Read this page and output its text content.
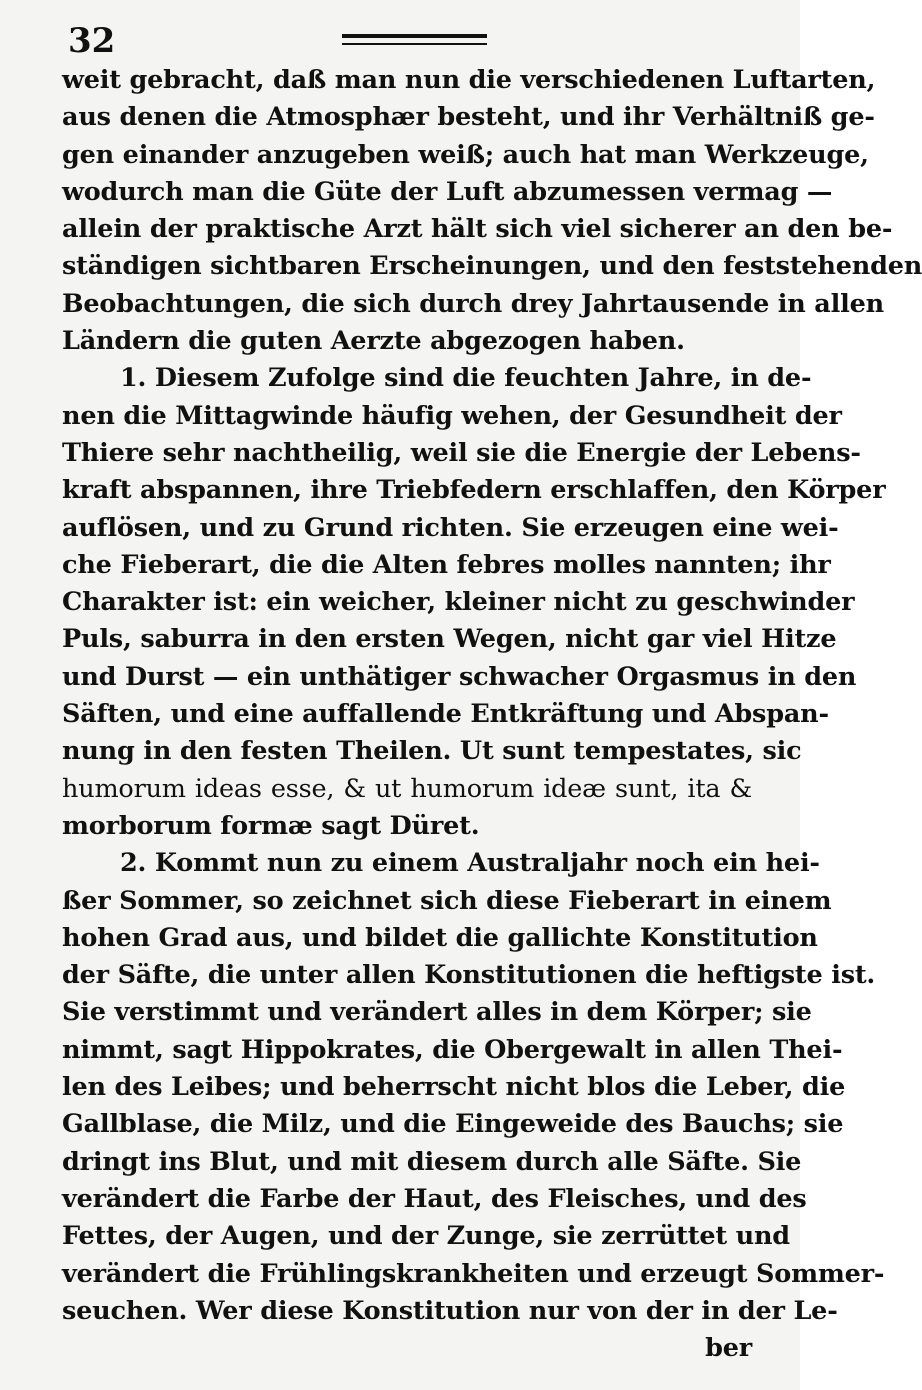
32
weit gebracht, daß man nun die verschiedenen Luftarten,
aus denen die Atmosphær besteht, und ihr Verhältniß ge-
gen einander anzugeben weiß; auch hat man Werkzeuge,
wodurch man die Güte der Luft abzumessen vermag —
allein der praktische Arzt hält sich viel sicherer an den be-
ständigen sichtbaren Erscheinungen, und den feststehenden
Beobachtungen, die sich durch drey Jahrtausende in allen
Ländern die guten Aerzte abgezogen haben.
1. Diesem Zufolge sind die feuchten Jahre, in de-
nen die Mittagwinde häufig wehen, der Gesundheit der
Thiere sehr nachtheilig, weil sie die Energie der Lebens-
kraft abspannen, ihre Triebfedern erschlaffen, den Körper
auflösen, und zu Grund richten. Sie erzeugen eine wei-
che Fieberart, die die Alten febres molles nannten; ihr
Charakter ist: ein weicher, kleiner nicht zu geschwinder
Puls, saburra in den ersten Wegen, nicht gar viel Hitze
und Durst — ein unthätiger schwacher Orgasmus in den
Säften, und eine auffallende Entkräftung und Abspan-
nung in den festen Theilen. Ut sunt tempestates, sic
humorum ideas esse, & ut humorum ideæ sunt, ita &
morborum formæ sagt Düret.
2. Kommt nun zu einem Australjahr noch ein hei-
ßer Sommer, so zeichnet sich diese Fieberart in einem
hohen Grad aus, und bildet die gallichte Konstitution
der Säfte, die unter allen Konstitutionen die heftigste ist.
Sie verstimmt und verändert alles in dem Körper; sie
nimmt, sagt Hippokrates, die Obergewalt in allen Thei-
len des Leibes; und beherrscht nicht blos die Leber, die
Gallblase, die Milz, und die Eingeweide des Bauchs; sie
dringt ins Blut, und mit diesem durch alle Säfte. Sie
verändert die Farbe der Haut, des Fleisches, und des
Fettes, der Augen, und der Zunge, sie zerrüttet und
verändert die Frühlingskrankheiten und erzeugt Sommer-
seuchen. Wer diese Konstitution nur von der in der Le-
ber
